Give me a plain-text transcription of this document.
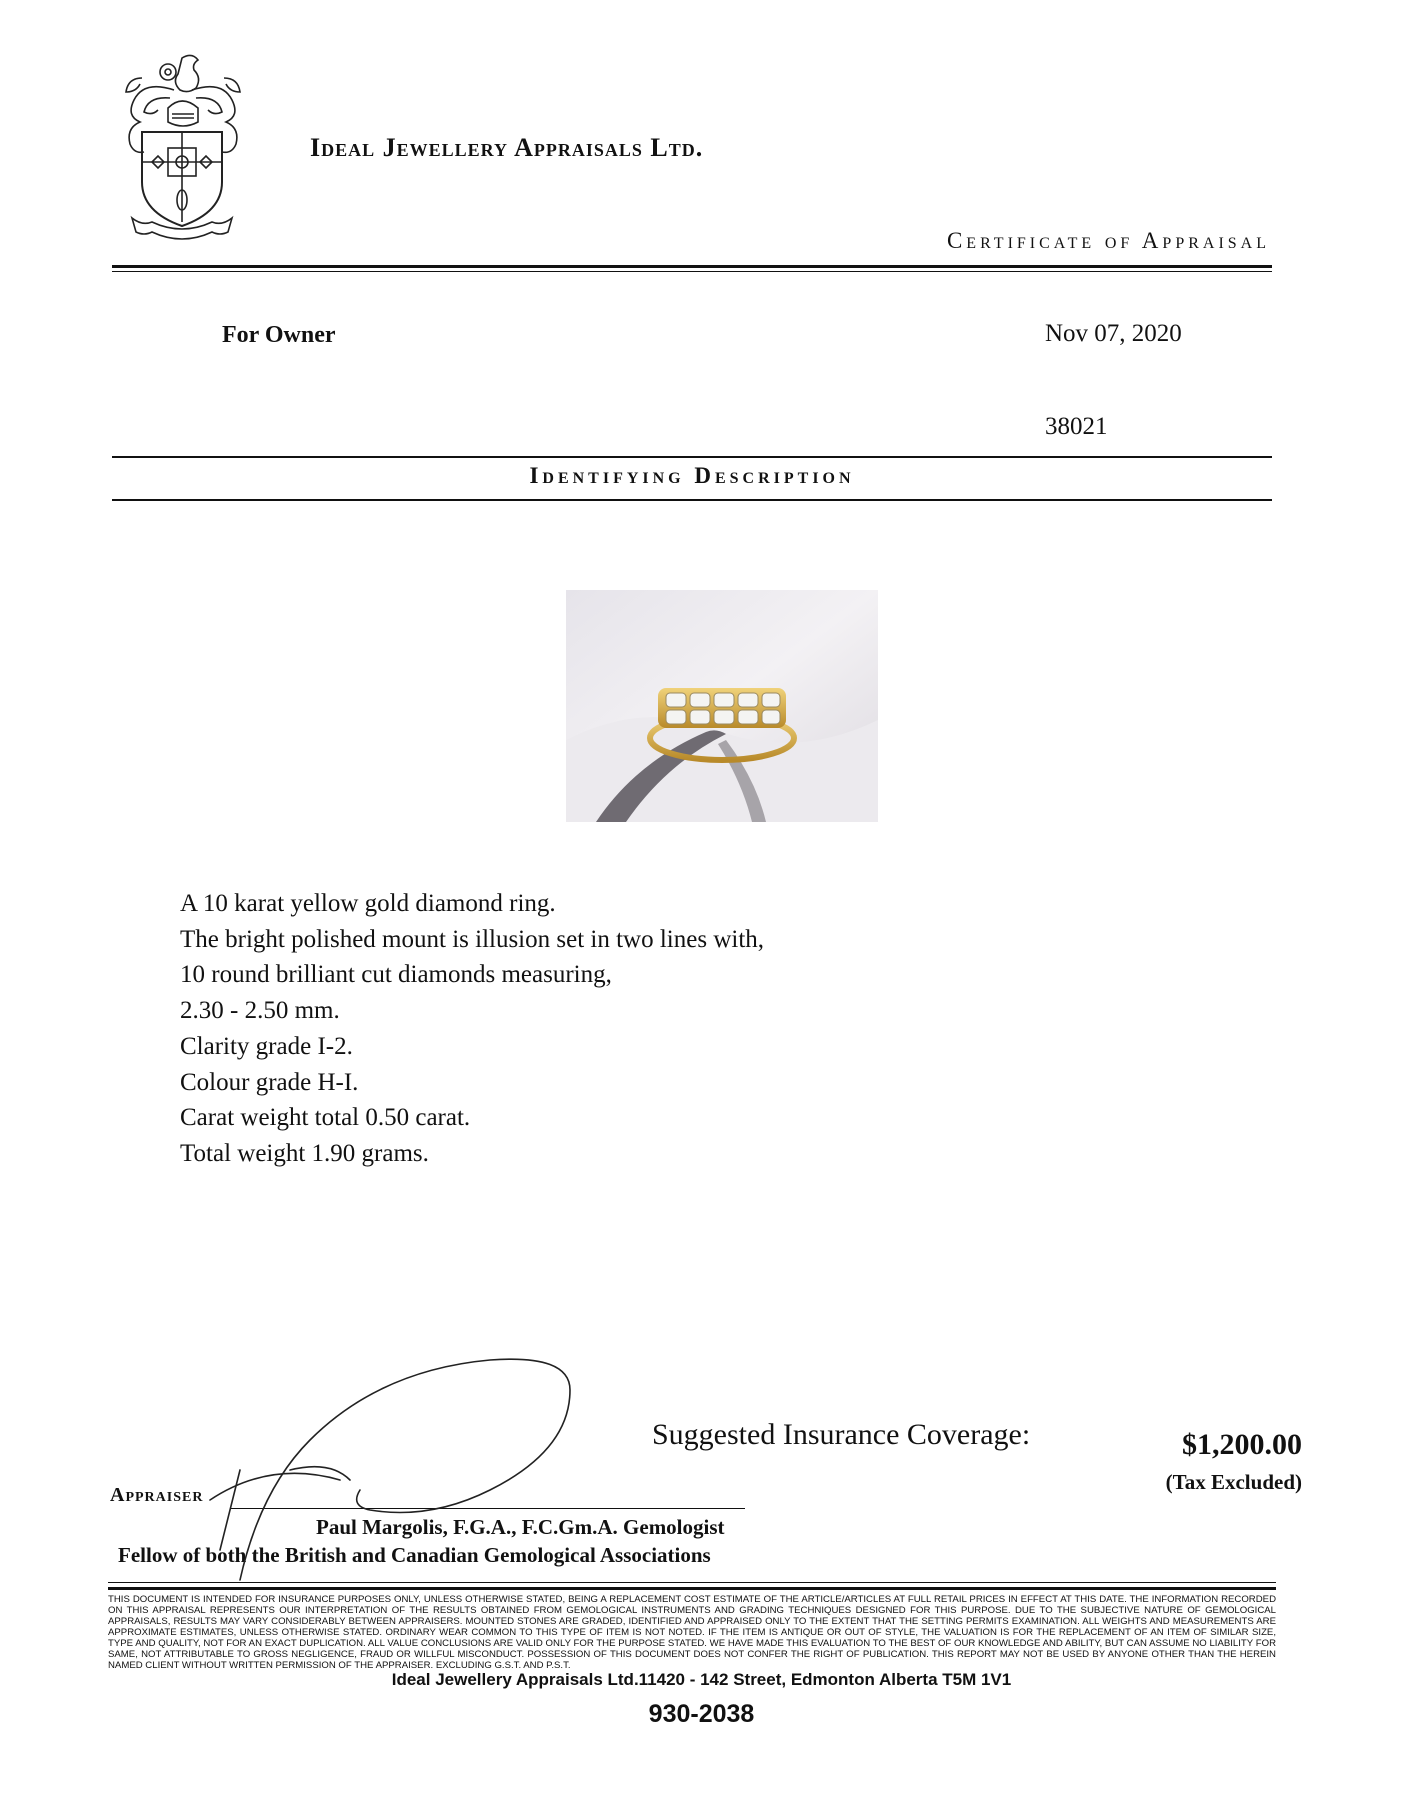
Ideal Jewellery Appraisals Ltd.
Certificate of Appraisal
For Owner	Nov 07, 2020
38021
Identifying Description
A 10 karat yellow gold diamond ring.
The bright polished mount is illusion set in two lines with,
10 round brilliant cut diamonds measuring,
2.30 - 2.50 mm.
Clarity grade I-2.
Colour grade H-I.
Carat weight total 0.50 carat.
Total weight 1.90 grams.
Suggested Insurance Coverage:	$1,200.00
(Tax Excluded)
Appraiser
Paul Margolis, F.G.A., F.C.Gm.A. Gemologist
Fellow of both the British and Canadian Gemological Associations
THIS DOCUMENT IS INTENDED FOR INSURANCE PURPOSES ONLY, UNLESS OTHERWISE STATED, BEING A REPLACEMENT COST ESTIMATE OF THE ARTICLE/ARTICLES AT FULL RETAIL PRICES IN EFFECT AT THIS DATE. THE INFORMATION RECORDED ON THIS APPRAISAL REPRESENTS OUR INTERPRETATION OF THE RESULTS OBTAINED FROM GEMOLOGICAL INSTRUMENTS AND GRADING TECHNIQUES DESIGNED FOR THIS PURPOSE. DUE TO THE SUBJECTIVE NATURE OF GEMOLOGICAL APPRAISALS, RESULTS MAY VARY CONSIDERABLY BETWEEN APPRAISERS. MOUNTED STONES ARE GRADED, IDENTIFIED AND APPRAISED ONLY TO THE EXTENT THAT THE SETTING PERMITS EXAMINATION. ALL WEIGHTS AND MEASUREMENTS ARE APPROXIMATE ESTIMATES, UNLESS OTHERWISE STATED. ORDINARY WEAR COMMON TO THIS TYPE OF ITEM IS NOT NOTED. IF THE ITEM IS ANTIQUE OR OUT OF STYLE, THE VALUATION IS FOR THE REPLACEMENT OF AN ITEM OF SIMILAR SIZE, TYPE AND QUALITY, NOT FOR AN EXACT DUPLICATION. ALL VALUE CONCLUSIONS ARE VALID ONLY FOR THE PURPOSE STATED. WE HAVE MADE THIS EVALUATION TO THE BEST OF OUR KNOWLEDGE AND ABILITY, BUT CAN ASSUME NO LIABILITY FOR SAME, NOT ATTRIBUTABLE TO GROSS NEGLIGENCE, FRAUD OR WILLFUL MISCONDUCT. POSSESSION OF THIS DOCUMENT DOES NOT CONFER THE RIGHT OF PUBLICATION. THIS REPORT MAY NOT BE USED BY ANYONE OTHER THAN THE HEREIN NAMED CLIENT WITHOUT WRITTEN PERMISSION OF THE APPRAISER. EXCLUDING G.S.T. AND P.S.T.
Ideal Jewellery Appraisals Ltd.11420 - 142 Street, Edmonton Alberta T5M 1V1
930-2038
